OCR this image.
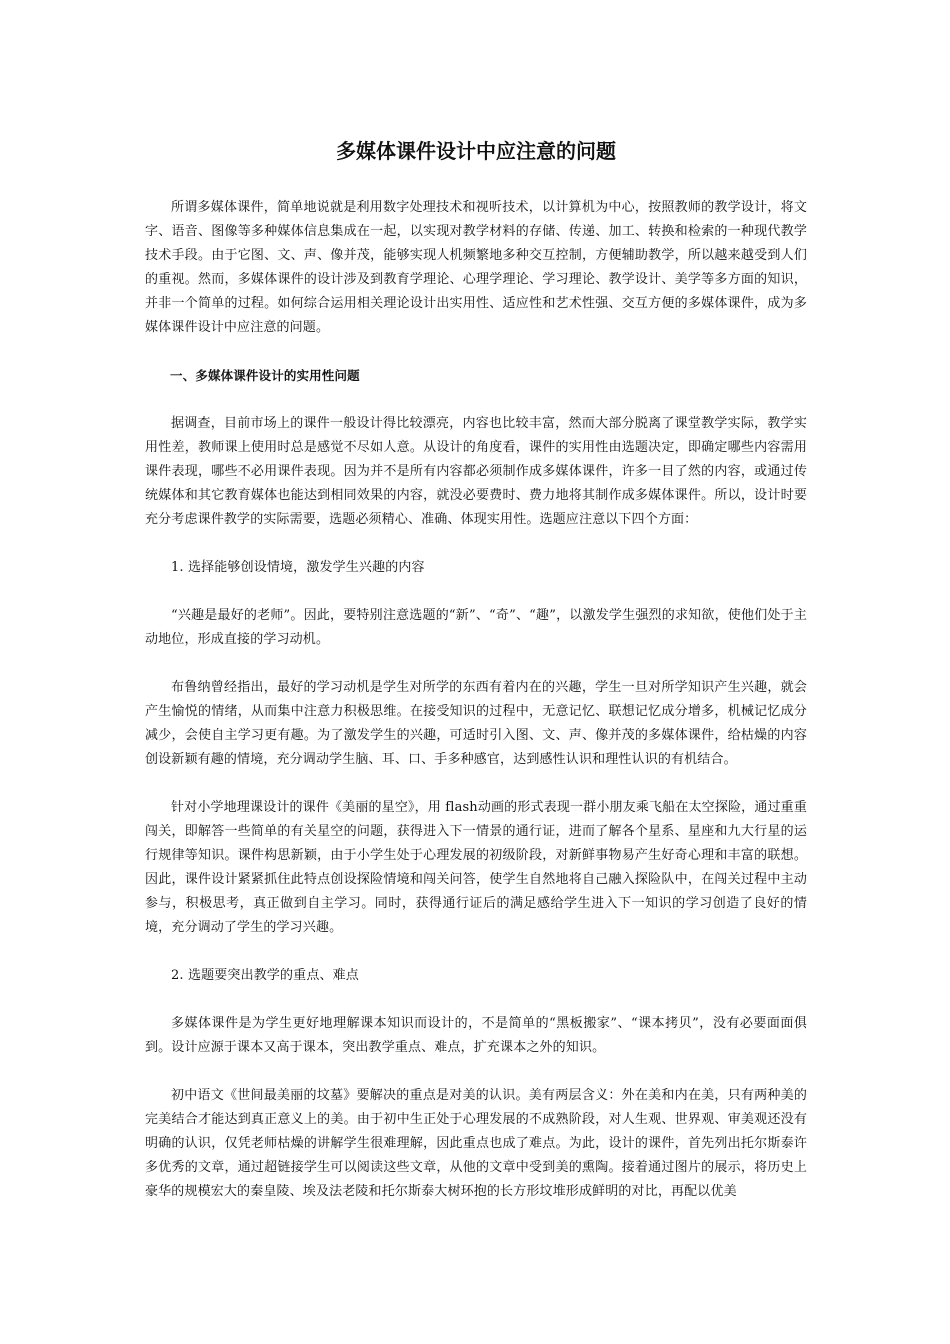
多媒体课件设计中应注意的问题

所谓多媒体课件，简单地说就是利用数字处理技术和视听技术，以计算机为中心，按照教师的教学设计，将文字、语音、图像等多种媒体信息集成在一起，以实现对教学材料的存储、传递、加工、转换和检索的一种现代教学技术手段。由于它图、文、声、像并茂，能够实现人机频繁地多种交互控制，方便辅助教学，所以越来越受到人们的重视。然而，多媒体课件的设计涉及到教育学理论、心理学理论、学习理论、教学设计、美学等多方面的知识，并非一个简单的过程。如何综合运用相关理论设计出实用性、适应性和艺术性强、交互方便的多媒体课件，成为多媒体课件设计中应注意的问题。

一、多媒体课件设计的实用性问题

据调查，目前市场上的课件一般设计得比较漂亮，内容也比较丰富，然而大部分脱离了课堂教学实际，教学实用性差，教师课上使用时总是感觉不尽如人意。从设计的角度看，课件的实用性由选题决定，即确定哪些内容需用课件表现，哪些不必用课件表现。因为并不是所有内容都必须制作成多媒体课件，许多一目了然的内容，或通过传统媒体和其它教育媒体也能达到相同效果的内容，就没必要费时、费力地将其制作成多媒体课件。所以，设计时要充分考虑课件教学的实际需要，选题必须精心、准确、体现实用性。选题应注意以下四个方面：

1. 选择能够创设情境，激发学生兴趣的内容

“兴趣是最好的老师”。因此，要特别注意选题的“新”、“奇”、“趣”，以激发学生强烈的求知欲，使他们处于主动地位，形成直接的学习动机。

布鲁纳曾经指出，最好的学习动机是学生对所学的东西有着内在的兴趣，学生一旦对所学知识产生兴趣，就会产生愉悦的情绪，从而集中注意力积极思维。在接受知识的过程中，无意记忆、联想记忆成分增多，机械记忆成分减少，会使自主学习更有趣。为了激发学生的兴趣，可适时引入图、文、声、像并茂的多媒体课件，给枯燥的内容创设新颖有趣的情境，充分调动学生脑、耳、口、手多种感官，达到感性认识和理性认识的有机结合。

针对小学地理课设计的课件《美丽的星空》，用 flash动画的形式表现一群小朋友乘飞船在太空探险，通过重重闯关，即解答一些简单的有关星空的问题，获得进入下一情景的通行证，进而了解各个星系、星座和九大行星的运行规律等知识。课件构思新颖，由于小学生处于心理发展的初级阶段，对新鲜事物易产生好奇心理和丰富的联想。因此，课件设计紧紧抓住此特点创设探险情境和闯关问答，使学生自然地将自己融入探险队中，在闯关过程中主动参与，积极思考，真正做到自主学习。同时，获得通行证后的满足感给学生进入下一知识的学习创造了良好的情境，充分调动了学生的学习兴趣。

2. 选题要突出教学的重点、难点

多媒体课件是为学生更好地理解课本知识而设计的，不是简单的“黑板搬家”、“课本拷贝”，没有必要面面俱到。设计应源于课本又高于课本，突出教学重点、难点，扩充课本之外的知识。

初中语文《世间最美丽的坟墓》要解决的重点是对美的认识。美有两层含义：外在美和内在美，只有两种美的完美结合才能达到真正意义上的美。由于初中生正处于心理发展的不成熟阶段，对人生观、世界观、审美观还没有明确的认识，仅凭老师枯燥的讲解学生很难理解，因此重点也成了难点。为此，设计的课件，首先列出托尔斯泰许多优秀的文章，通过超链接学生可以阅读这些文章，从他的文章中受到美的熏陶。接着通过图片的展示，将历史上豪华的规模宏大的秦皇陵、埃及法老陵和托尔斯泰大树环抱的长方形坟堆形成鲜明的对比，再配以优美
